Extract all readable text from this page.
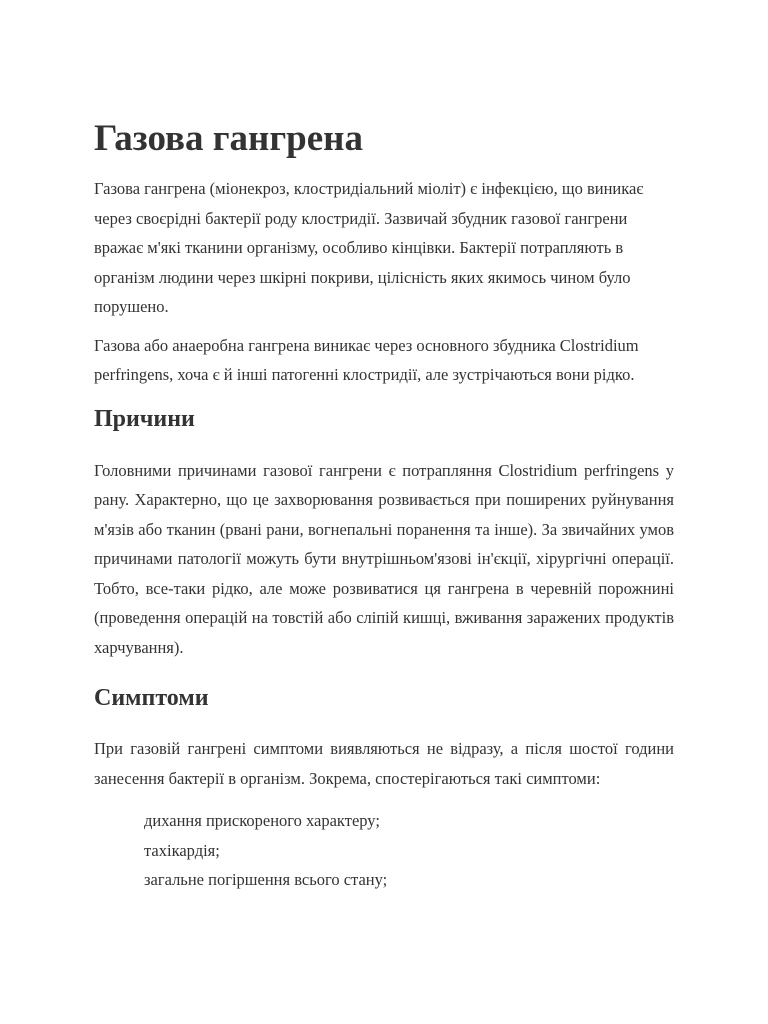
Газова гангрена

Газова гангрена (міонекроз, клостридіальний міоліт) є інфекцією, що виникає через своєрідні бактерії роду клостридії. Зазвичай збудник газової гангрени вражає м'які тканини організму, особливо кінцівки. Бактерії потрапляють в організм людини через шкірні покриви, цілісність яких якимось чином було порушено.

Газова або анаеробна гангрена виникає через основного збудника Clostridium perfringens, хоча є й інші патогенні клостридії, але зустрічаються вони рідко.

Причини

Головними причинами газової гангрени є потрапляння Clostridium perfringens у рану. Характерно, що це захворювання розвивається при поширених руйнування м'язів або тканин (рвані рани, вогнепальні поранення та інше). За звичайних умов причинами патології можуть бути внутрішньом'язові ін'єкції, хірургічні операції. Тобто, все-таки рідко, але може розвиватися ця гангрена в черевній порожнині (проведення операцій на товстій або сліпій кишці, вживання заражених продуктів харчування).

Симптоми

При газовій гангрені симптоми виявляються не відразу, а після шостої години занесення бактерії в організм. Зокрема, спостерігаються такі симптоми:

дихання прискореного характеру;
тахікардія;
загальне погіршення всього стану;
